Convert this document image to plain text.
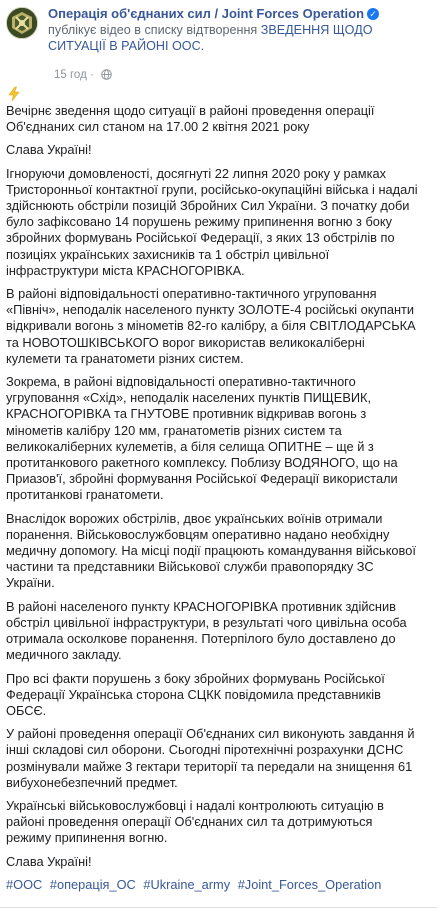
Операція об'єднаних сил / Joint Forces Operation ✓
публікує відео в списку відтворення ЗВЕДЕННЯ ЩОДО СИТУАЦІЇ В РАЙОНІ ООС.
15 год ·
Вечірнє зведення щодо ситуації в районі проведення операції Об'єднаних сил станом на 17.00 2 квітня 2021 року
Слава Україні!
Ігноруючи домовленості, досягнуті 22 липня 2020 року у рамках Тристоронньої контактної групи, російсько-окупаційні війська і надалі здійснюють обстріли позицій Збройних Сил України. З початку доби було зафіксовано 14 порушень режиму припинення вогню з боку збройних формувань Російської Федерації, з яких 13 обстрілів по позиціях українських захисників та 1 обстріл цивільної інфраструктури міста КРАСНОГОРІВКА.
В районі відповідальності оперативно-тактичного угруповання «Північ», неподалік населеного пункту ЗОЛОТЕ-4 російські окупанти відкривали вогонь з мінометів 82-го калібру, а біля СВІТЛОДАРСЬКА та НОВОТОШКІВСЬКОГО ворог використав великокаліберні кулемети та гранатомети різних систем.
Зокрема, в районі відповідальності оперативно-тактичного угруповання «Схід», неподалік населених пунктів ПИЩЕВИК, КРАСНОГОРІВКА та ГНУТОВЕ противник відкривав вогонь з мінометів калібру 120 мм, гранатометів різних систем та великокаліберних кулеметів, а біля селища ОПИТНЕ – ще й з протитанкового ракетного комплексу. Поблизу ВОДЯНОГО, що на Приазов'ї, збройні формування Російської Федерації використали протитанкові гранатомети.
Внаслідок ворожих обстрілів, двоє українських воїнів отримали поранення. Військовослужбовцям оперативно надано необхідну медичну допомогу. На місці події працюють командування військової частини та представники Військової служби правопорядку ЗС України.
В районі населеного пункту КРАСНОГОРІВКА противник здійснив обстріл цивільної інфраструктури, в результаті чого цивільна особа отримала осколкове поранення. Потерпілого було доставлено до медичного закладу.
Про всі факти порушень з боку збройних формувань Російської Федерації Українська сторона СЦКК повідомила представників ОБСЄ.
У районі проведення операції Об'єднаних сил виконують завдання й інші складові сил оборони. Сьогодні піротехнічні розрахунки ДСНС розмінували майже 3 гектари території та передали на знищення 61 вибухонебезпечний предмет.
Українські військовослужбовці і надалі контролюють ситуацію в районі проведення операції Об'єднаних сил та дотримуються режиму припинення вогню.
Слава Україні!
#ООС #операція_ОС #Ukraine_army #Joint_Forces_Operation
